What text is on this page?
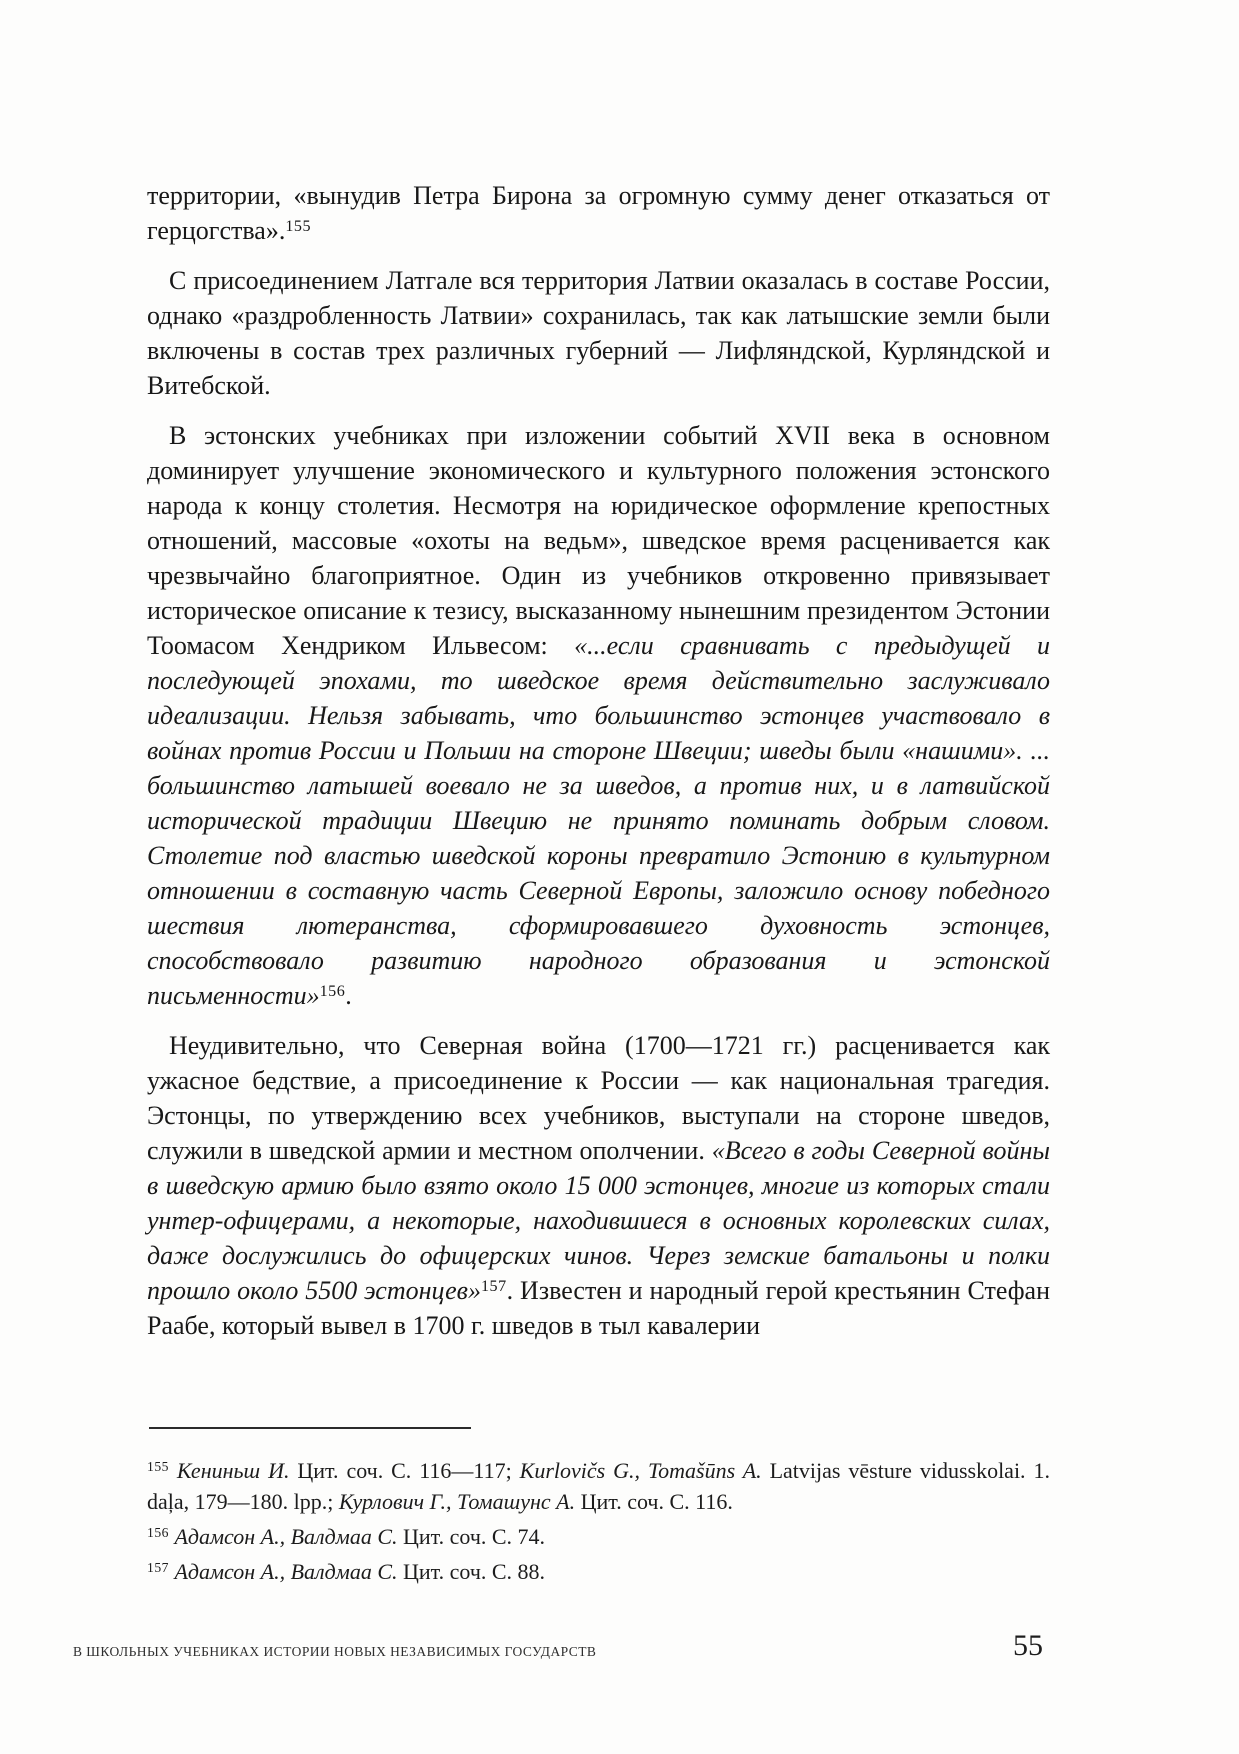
территории, «вынудив Петра Бирона за огромную сумму денег отказаться от герцогства».$^{155}$

С присоединением Латгале вся территория Латвии оказалась в составе России, однако «раздробленность Латвии» сохранилась, так как латышские земли были включены в состав трех различных губерний — Лифляндской, Курляндской и Витебской.

В эстонских учебниках при изложении событий XVII века в основном доминирует улучшение экономического и культурного положения эстонского народа к концу столетия. Несмотря на юридическое оформление крепостных отношений, массовые «охоты на ведьм», шведское время расценивается как чрезвычайно благоприятное. Один из учебников откровенно привязывает историческое описание к тезису, высказанному нынешним президентом Эстонии Тоомасом Хендриком Ильвесом: «...если сравнивать с предыдущей и последующей эпохами, то шведское время действительно заслуживало идеализации. Нельзя забывать, что большинство эстонцев участвовало в войнах против России и Польши на стороне Швеции; шведы были «нашими». ... большинство латышей воевало не за шведов, а против них, и в латвийской исторической традиции Швецию не принято поминать добрым словом. Столетие под властью шведской короны превратило Эстонию в культурном отношении в составную часть Северной Европы, заложило основу победного шествия лютеранства, сформировавшего духовность эстонцев, способствовало развитию народного образования и эстонской письменности»$^{156}$.

Неудивительно, что Северная война (1700—1721 гг.) расценивается как ужасное бедствие, а присоединение к России — как национальная трагедия. Эстонцы, по утверждению всех учебников, выступали на стороне шведов, служили в шведской армии и местном ополчении. «Всего в годы Северной войны в шведскую армию было взято около 15 000 эстонцев, многие из которых стали унтер-офицерами, а некоторые, находившиеся в основных королевских силах, даже дослужились до офицерских чинов. Через земские батальоны и полки прошло около 5500 эстонцев»$^{157}$. Известен и народный герой крестьянин Стефан Раабе, который вывел в 1700 г. шведов в тыл кавалерии

$^{155}$ Кениньш И. Цит. соч. С. 116—117; Kurlovičs G., Tomašūns A. Latvijas vēsture vidusskolai. 1. daļa, 179—180. lpp.; Курлович Г., Томашунс А. Цит. соч. С. 116.

$^{156}$ Адамсон А., Валдмаа С. Цит. соч. С. 74.

$^{157}$ Адамсон А., Валдмаа С. Цит. соч. С. 88.

В ШКОЛЬНЫХ УЧЕБНИКАХ ИСТОРИИ НОВЫХ НЕЗАВИСИМЫХ ГОСУДАРСТВ	55
